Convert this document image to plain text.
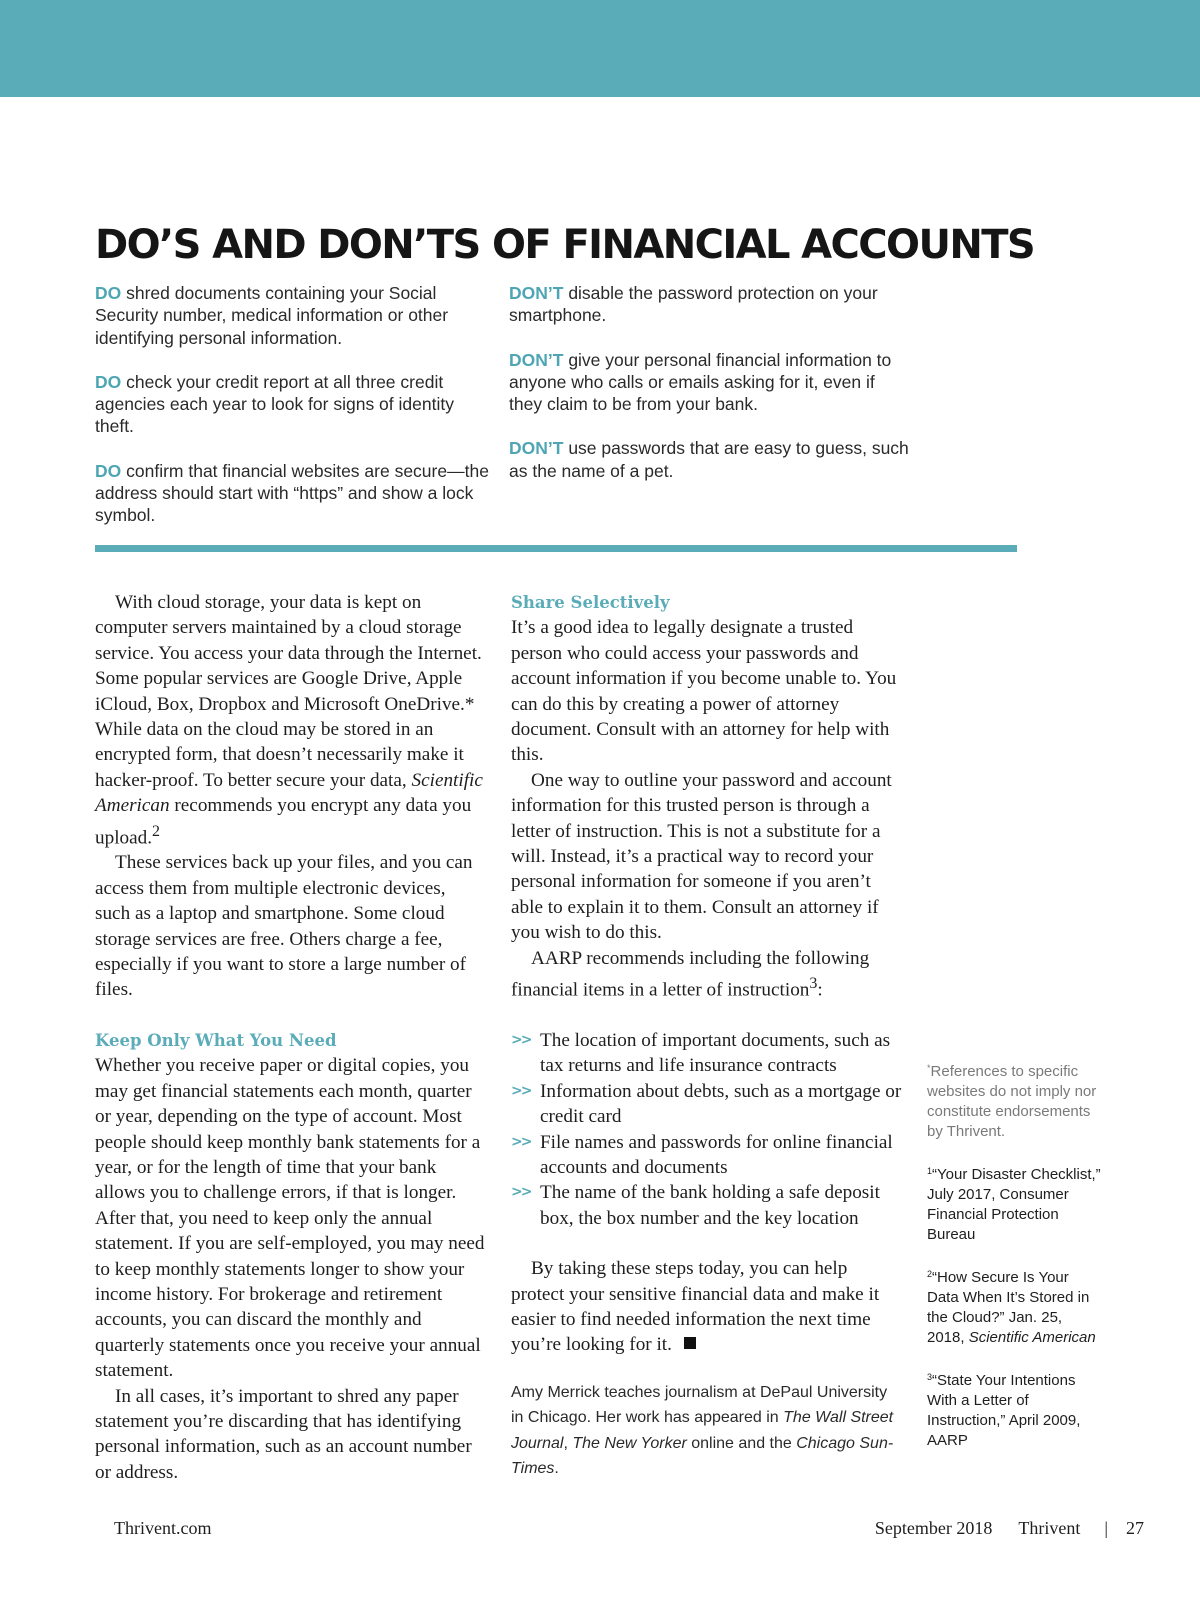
DO’S AND DON’TS OF FINANCIAL ACCOUNTS

DO shred documents containing your Social Security number, medical information or other identifying personal information.

DO check your credit report at all three credit agencies each year to look for signs of identity theft.

DO confirm that financial websites are secure—the address should start with “https” and show a lock symbol.

DON’T disable the password protection on your smartphone.

DON’T give your personal financial information to anyone who calls or emails asking for it, even if they claim to be from your bank.

DON’T use passwords that are easy to guess, such as the name of a pet.

With cloud storage, your data is kept on computer servers maintained by a cloud storage service. You access your data through the Internet. Some popular services are Google Drive, Apple iCloud, Box, Dropbox and Microsoft OneDrive.* While data on the cloud may be stored in an encrypted form, that doesn’t necessarily make it hacker-proof. To better secure your data, Scientific American recommends you encrypt any data you upload.$^2$

These services back up your files, and you can access them from multiple electronic devices, such as a laptop and smartphone. Some cloud storage services are free. Others charge a fee, especially if you want to store a large number of files.

Keep Only What You Need

Whether you receive paper or digital copies, you may get financial statements each month, quarter or year, depending on the type of account. Most people should keep monthly bank statements for a year, or for the length of time that your bank allows you to challenge errors, if that is longer. After that, you need to keep only the annual statement. If you are self-employed, you may need to keep monthly statements longer to show your income history. For brokerage and retirement accounts, you can discard the monthly and quarterly statements once you receive your annual statement.

In all cases, it’s important to shred any paper statement you’re discarding that has identifying personal information, such as an account number or address.

Share Selectively

It’s a good idea to legally designate a trusted person who could access your passwords and account information if you become unable to. You can do this by creating a power of attorney document. Consult with an attorney for help with this.

One way to outline your password and account information for this trusted person is through a letter of instruction. This is not a substitute for a will. Instead, it’s a practical way to record your personal information for someone if you aren’t able to explain it to them. Consult an attorney if you wish to do this.

AARP recommends including the following financial items in a letter of instruction$^3$:

>> The location of important documents, such as tax returns and life insurance contracts
>> Information about debts, such as a mortgage or credit card
>> File names and passwords for online financial accounts and documents
>> The name of the bank holding a safe deposit box, the box number and the key location

By taking these steps today, you can help protect your sensitive financial data and make it easier to find needed information the next time you’re looking for it.

Amy Merrick teaches journalism at DePaul University in Chicago. Her work has appeared in The Wall Street Journal, The New Yorker online and the Chicago Sun-Times.

*References to specific websites do not imply nor constitute endorsements by Thrivent.

$^1$“Your Disaster Checklist,” July 2017, Consumer Financial Protection Bureau

$^2$“How Secure Is Your Data When It’s Stored in the Cloud?” Jan. 25, 2018, Scientific American

$^3$“State Your Intentions With a Letter of Instruction,” April 2009, AARP

Thrivent.com	September 2018 Thrivent | 27
